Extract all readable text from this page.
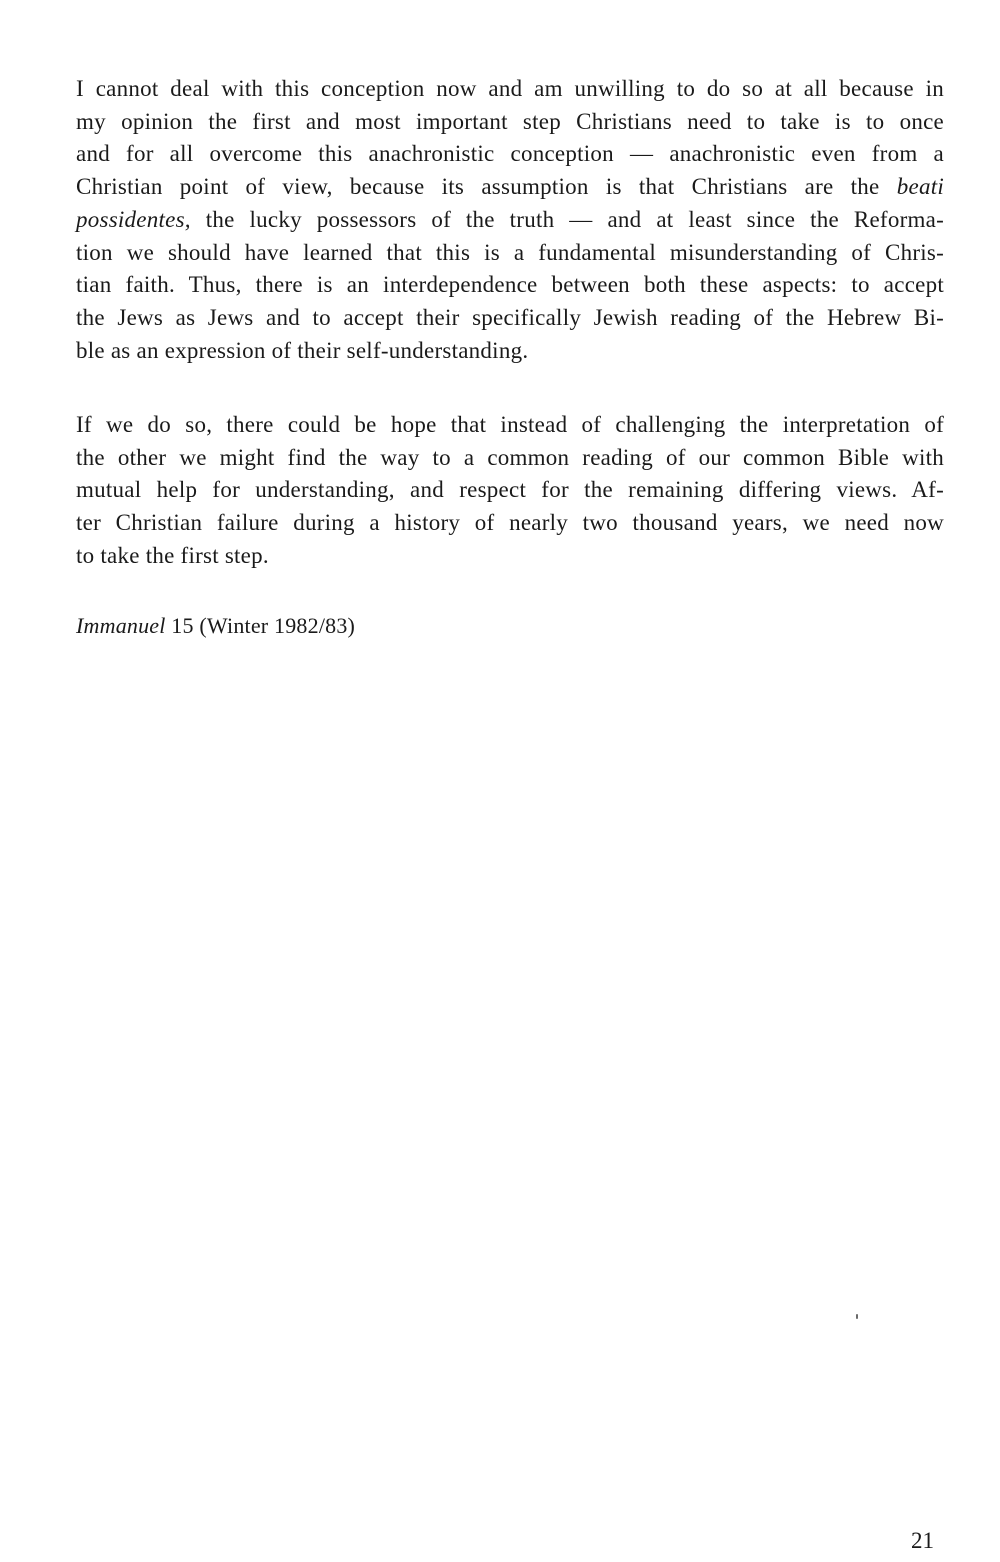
I cannot deal with this conception now and am unwilling to do so at all because in
my opinion the first and most important step Christians need to take is to once
and for all overcome this anachronistic conception — anachronistic even from a
Christian point of view, because its assumption is that Christians are the beati
possidentes, the lucky possessors of the truth — and at least since the Reforma-
tion we should have learned that this is a fundamental misunderstanding of Chris-
tian faith. Thus, there is an interdependence between both these aspects: to accept
the Jews as Jews and to accept their specifically Jewish reading of the Hebrew Bi-
ble as an expression of their self-understanding.
If we do so, there could be hope that instead of challenging the interpretation of
the other we might find the way to a common reading of our common Bible with
mutual help for understanding, and respect for the remaining differing views. Af-
ter Christian failure during a history of nearly two thousand years, we need now
to take the first step.
Immanuel 15 (Winter 1982/83)
21
